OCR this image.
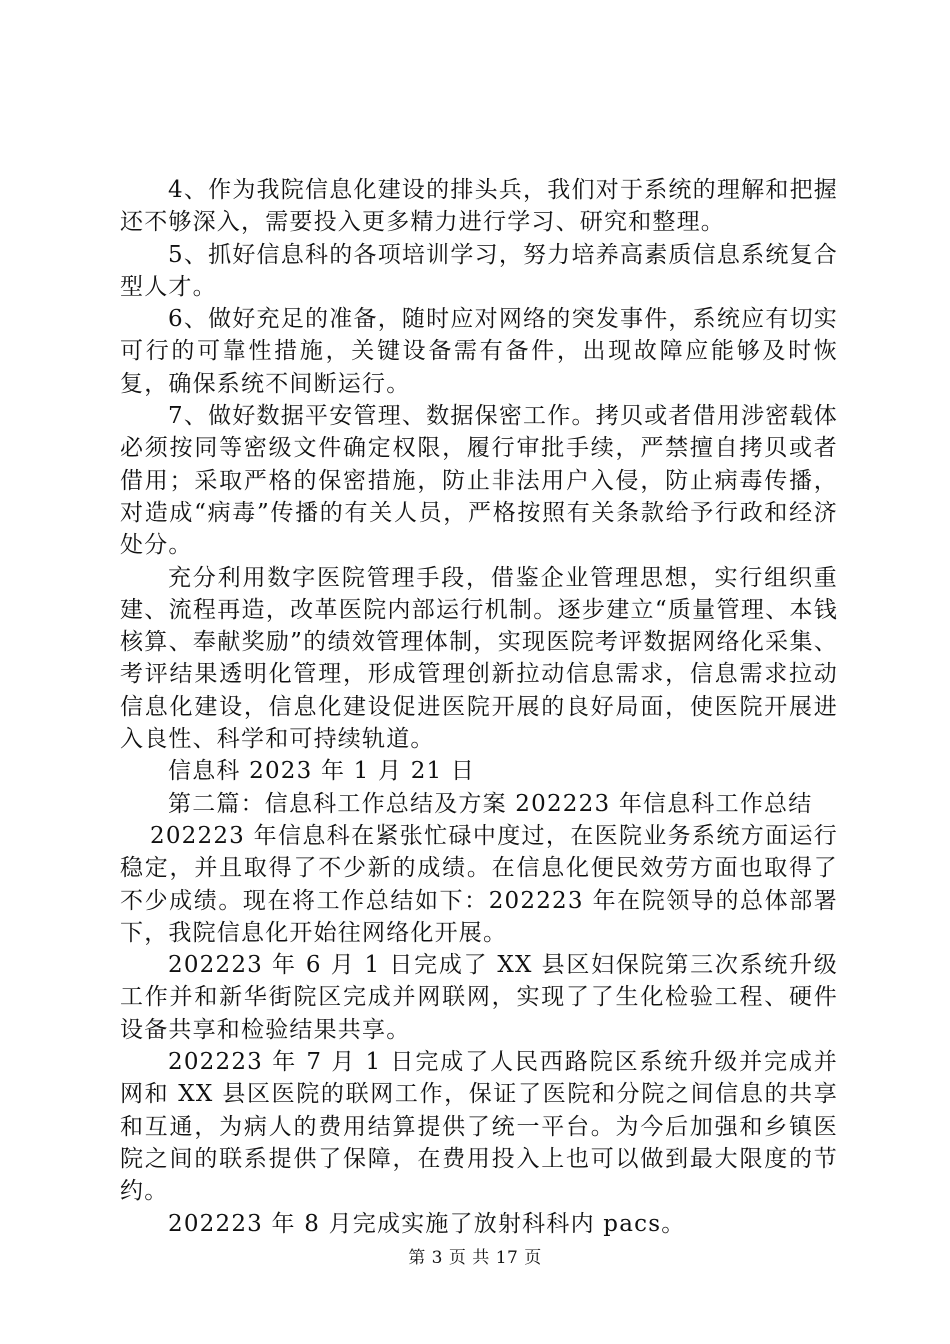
4、作为我院信息化建设的排头兵，我们对于系统的理解和把握还不够深入，需要投入更多精力进行学习、研究和整理。

5、抓好信息科的各项培训学习，努力培养高素质信息系统复合型人才。

6、做好充足的准备，随时应对网络的突发事件，系统应有切实可行的可靠性措施，关键设备需有备件，出现故障应能够及时恢复，确保系统不间断运行。

7、做好数据平安管理、数据保密工作。拷贝或者借用涉密载体必须按同等密级文件确定权限，履行审批手续，严禁擅自拷贝或者借用；采取严格的保密措施，防止非法用户入侵，防止病毒传播，对造成“病毒”传播的有关人员，严格按照有关条款给予行政和经济处分。

充分利用数字医院管理手段，借鉴企业管理思想，实行组织重建、流程再造，改革医院内部运行机制。逐步建立“质量管理、本钱核算、奉献奖励”的绩效管理体制，实现医院考评数据网络化采集、考评结果透明化管理，形成管理创新拉动信息需求，信息需求拉动信息化建设，信息化建设促进医院开展的良好局面，使医院开展进入良性、科学和可持续轨道。

信息科 2023 年 1 月 21 日

第二篇：信息科工作总结及方案 202223 年信息科工作总结

202223 年信息科在紧张忙碌中度过，在医院业务系统方面运行稳定，并且取得了不少新的成绩。在信息化便民效劳方面也取得了不少成绩。现在将工作总结如下：202223 年在院领导的总体部署下，我院信息化开始往网络化开展。

202223 年 6 月 1 日完成了 XX 县区妇保院第三次系统升级工作并和新华街院区完成并网联网，实现了了生化检验工程、硬件设备共享和检验结果共享。

202223 年 7 月 1 日完成了人民西路院区系统升级并完成并网和 XX 县区医院的联网工作，保证了医院和分院之间信息的共享和互通，为病人的费用结算提供了统一平台。为今后加强和乡镇医院之间的联系提供了保障，在费用投入上也可以做到最大限度的节约。

202223 年 8 月完成实施了放射科科内 pacs。

第 3 页 共 17 页
